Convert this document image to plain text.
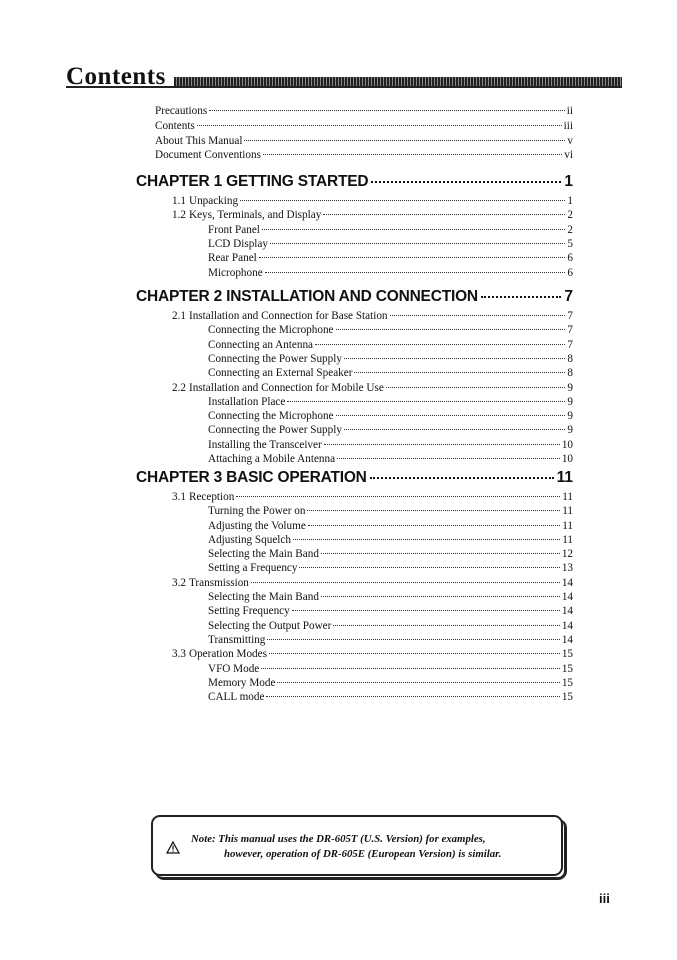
Contents
Precautions	ii
Contents	iii
About This Manual	v
Document Conventions	vi
CHAPTER 1 GETTING STARTED	1
1.1 Unpacking	1
1.2 Keys, Terminals, and Display	2
Front Panel	2
LCD Display	5
Rear Panel	6
Microphone	6
CHAPTER 2 INSTALLATION AND CONNECTION	7
2.1 Installation and Connection for Base Station	7
Connecting the Microphone	7
Connecting an Antenna	7
Connecting the Power Supply	8
Connecting an External Speaker	8
2.2 Installation and Connection for Mobile Use	9
Installation Place	9
Connecting the Microphone	9
Connecting the Power Supply	9
Installing the Transceiver	10
Attaching a Mobile Antenna	10
CHAPTER 3 BASIC OPERATION	11
3.1 Reception	11
Turning the Power on	11
Adjusting the Volume	11
Adjusting Squelch	11
Selecting the Main Band	12
Setting a Frequency	13
3.2 Transmission	14
Selecting the Main Band	14
Setting Frequency	14
Selecting the Output Power	14
Transmitting	14
3.3 Operation Modes	15
VFO Mode	15
Memory Mode	15
CALL mode	15
Note: This manual uses the DR-605T (U.S. Version) for examples,
however, operation of DR-605E (European Version) is similar.
iii
